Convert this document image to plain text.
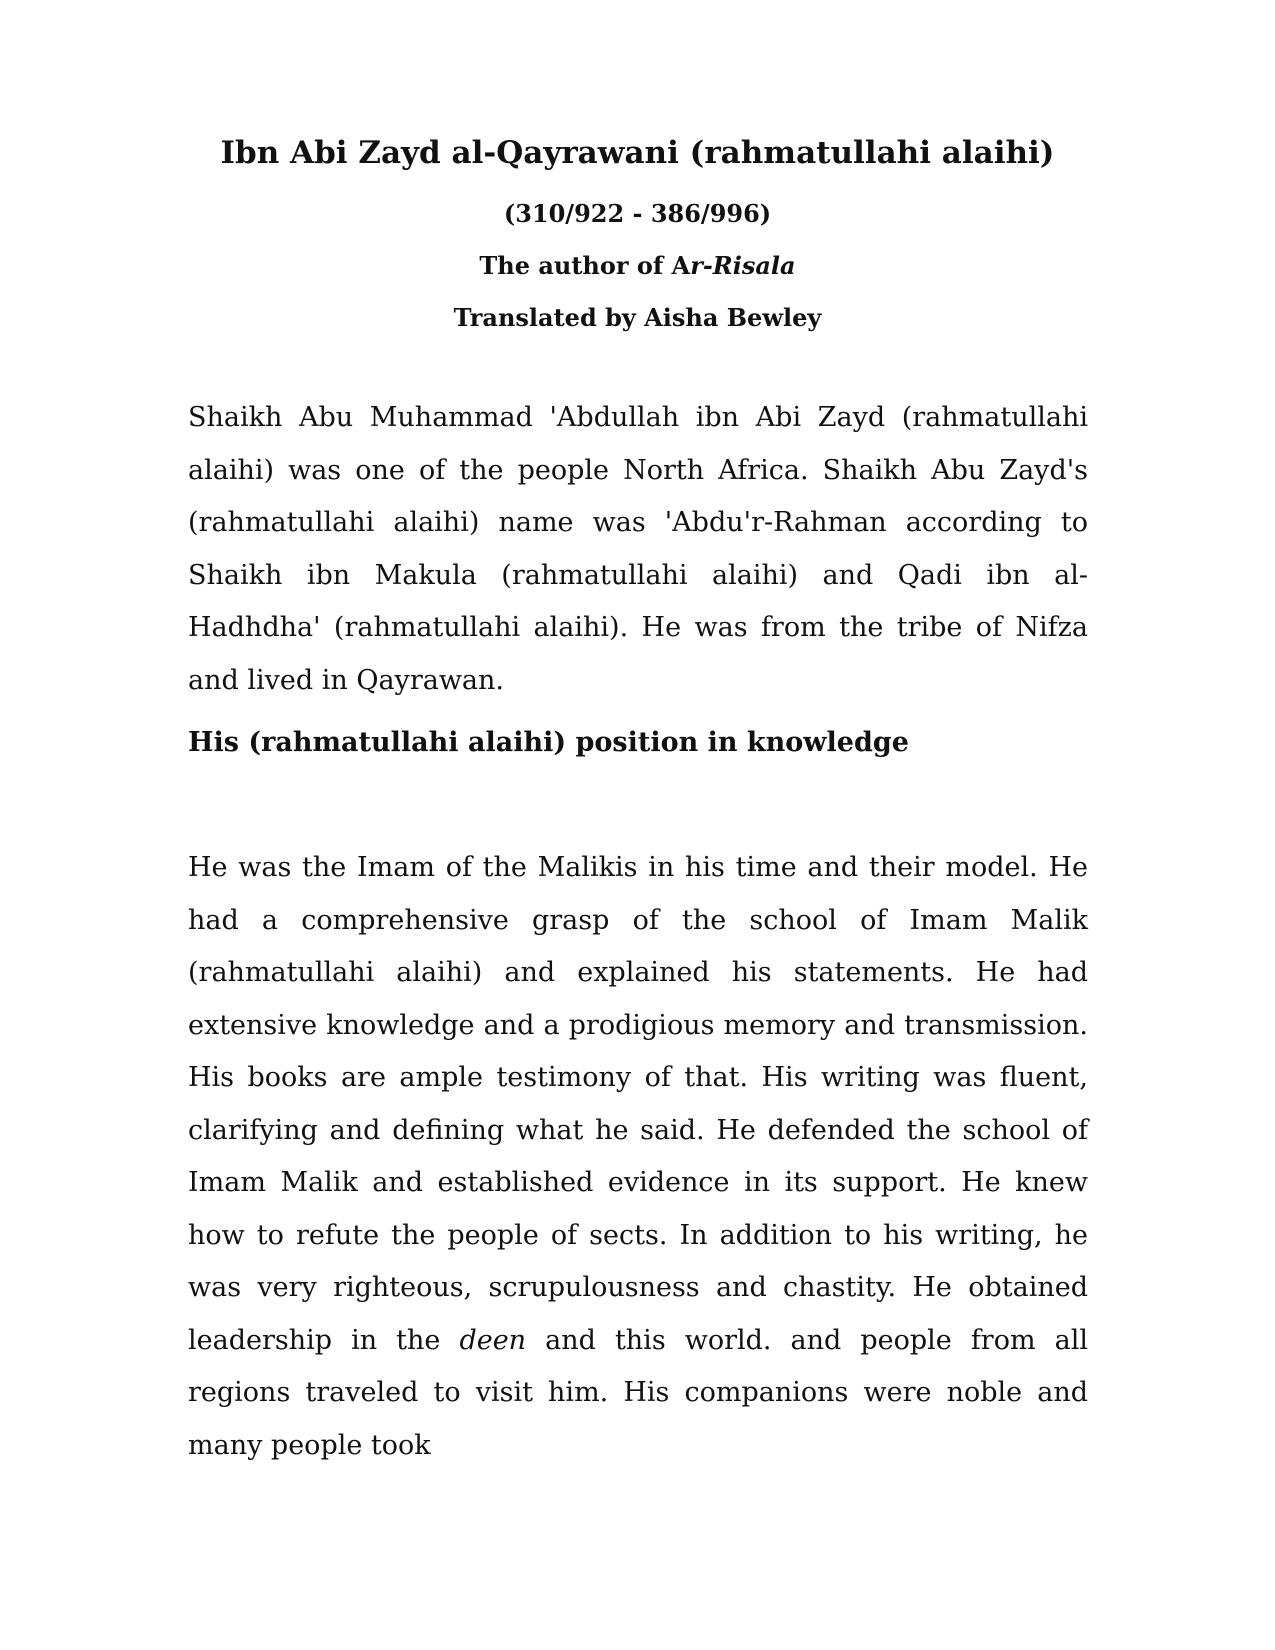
Ibn Abi Zayd al-Qayrawani (rahmatullahi alaihi)

(310/922 - 386/996)

The author of Ar-Risala

Translated by Aisha Bewley

Shaikh Abu Muhammad 'Abdullah ibn Abi Zayd (rahmatullahi alaihi) was one of the people North Africa. Shaikh Abu Zayd's (rahmatullahi alaihi) name was 'Abdu'r-Rahman according to Shaikh ibn Makula (rahmatullahi alaihi) and Qadi ibn al-Hadhdha' (rahmatullahi alaihi). He was from the tribe of Nifza and lived in Qayrawan.

His (rahmatullahi alaihi) position in knowledge

He was the Imam of the Malikis in his time and their model. He had a comprehensive grasp of the school of Imam Malik (rahmatullahi alaihi) and explained his statements. He had extensive knowledge and a prodigious memory and transmission. His books are ample testimony of that. His writing was fluent, clarifying and defining what he said. He defended the school of Imam Malik and established evidence in its support. He knew how to refute the people of sects. In addition to his writing, he was very righteous, scrupulousness and chastity. He obtained leadership in the deen and this world. and people from all regions traveled to visit him. His companions were noble and many people took
